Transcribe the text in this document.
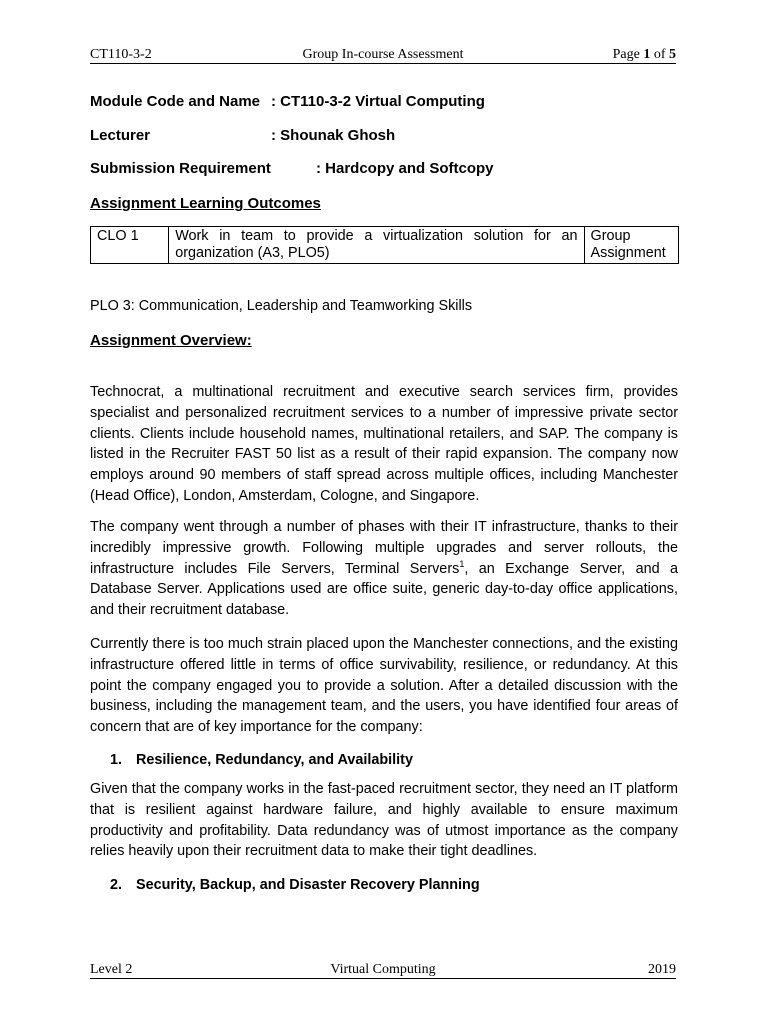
CT110-3-2	Group In-course Assessment	Page 1 of 5
Module Code and Name : CT110-3-2 Virtual Computing
Lecturer	: Shounak Ghosh
Submission Requirement	: Hardcopy and Softcopy
Assignment Learning Outcomes
CLO 1	Work in team to provide a virtualization solution for an organization (A3, PLO5)	Group Assignment
PLO 3: Communication, Leadership and Teamworking Skills
Assignment Overview:
Technocrat, a multinational recruitment and executive search services firm, provides specialist and personalized recruitment services to a number of impressive private sector clients. Clients include household names, multinational retailers, and SAP. The company is listed in the Recruiter FAST 50 list as a result of their rapid expansion. The company now employs around 90 members of staff spread across multiple offices, including Manchester (Head Office), London, Amsterdam, Cologne, and Singapore.
The company went through a number of phases with their IT infrastructure, thanks to their incredibly impressive growth. Following multiple upgrades and server rollouts, the infrastructure includes File Servers, Terminal Servers$^1$, an Exchange Server, and a Database Server. Applications used are office suite, generic day-to-day office applications, and their recruitment database.
Currently there is too much strain placed upon the Manchester connections, and the existing infrastructure offered little in terms of office survivability, resilience, or redundancy. At this point the company engaged you to provide a solution. After a detailed discussion with the business, including the management team, and the users, you have identified four areas of concern that are of key importance for the company:
1. Resilience, Redundancy, and Availability
Given that the company works in the fast-paced recruitment sector, they need an IT platform that is resilient against hardware failure, and highly available to ensure maximum productivity and profitability. Data redundancy was of utmost importance as the company relies heavily upon their recruitment data to make their tight deadlines.
2. Security, Backup, and Disaster Recovery Planning
Level 2	Virtual Computing	2019
